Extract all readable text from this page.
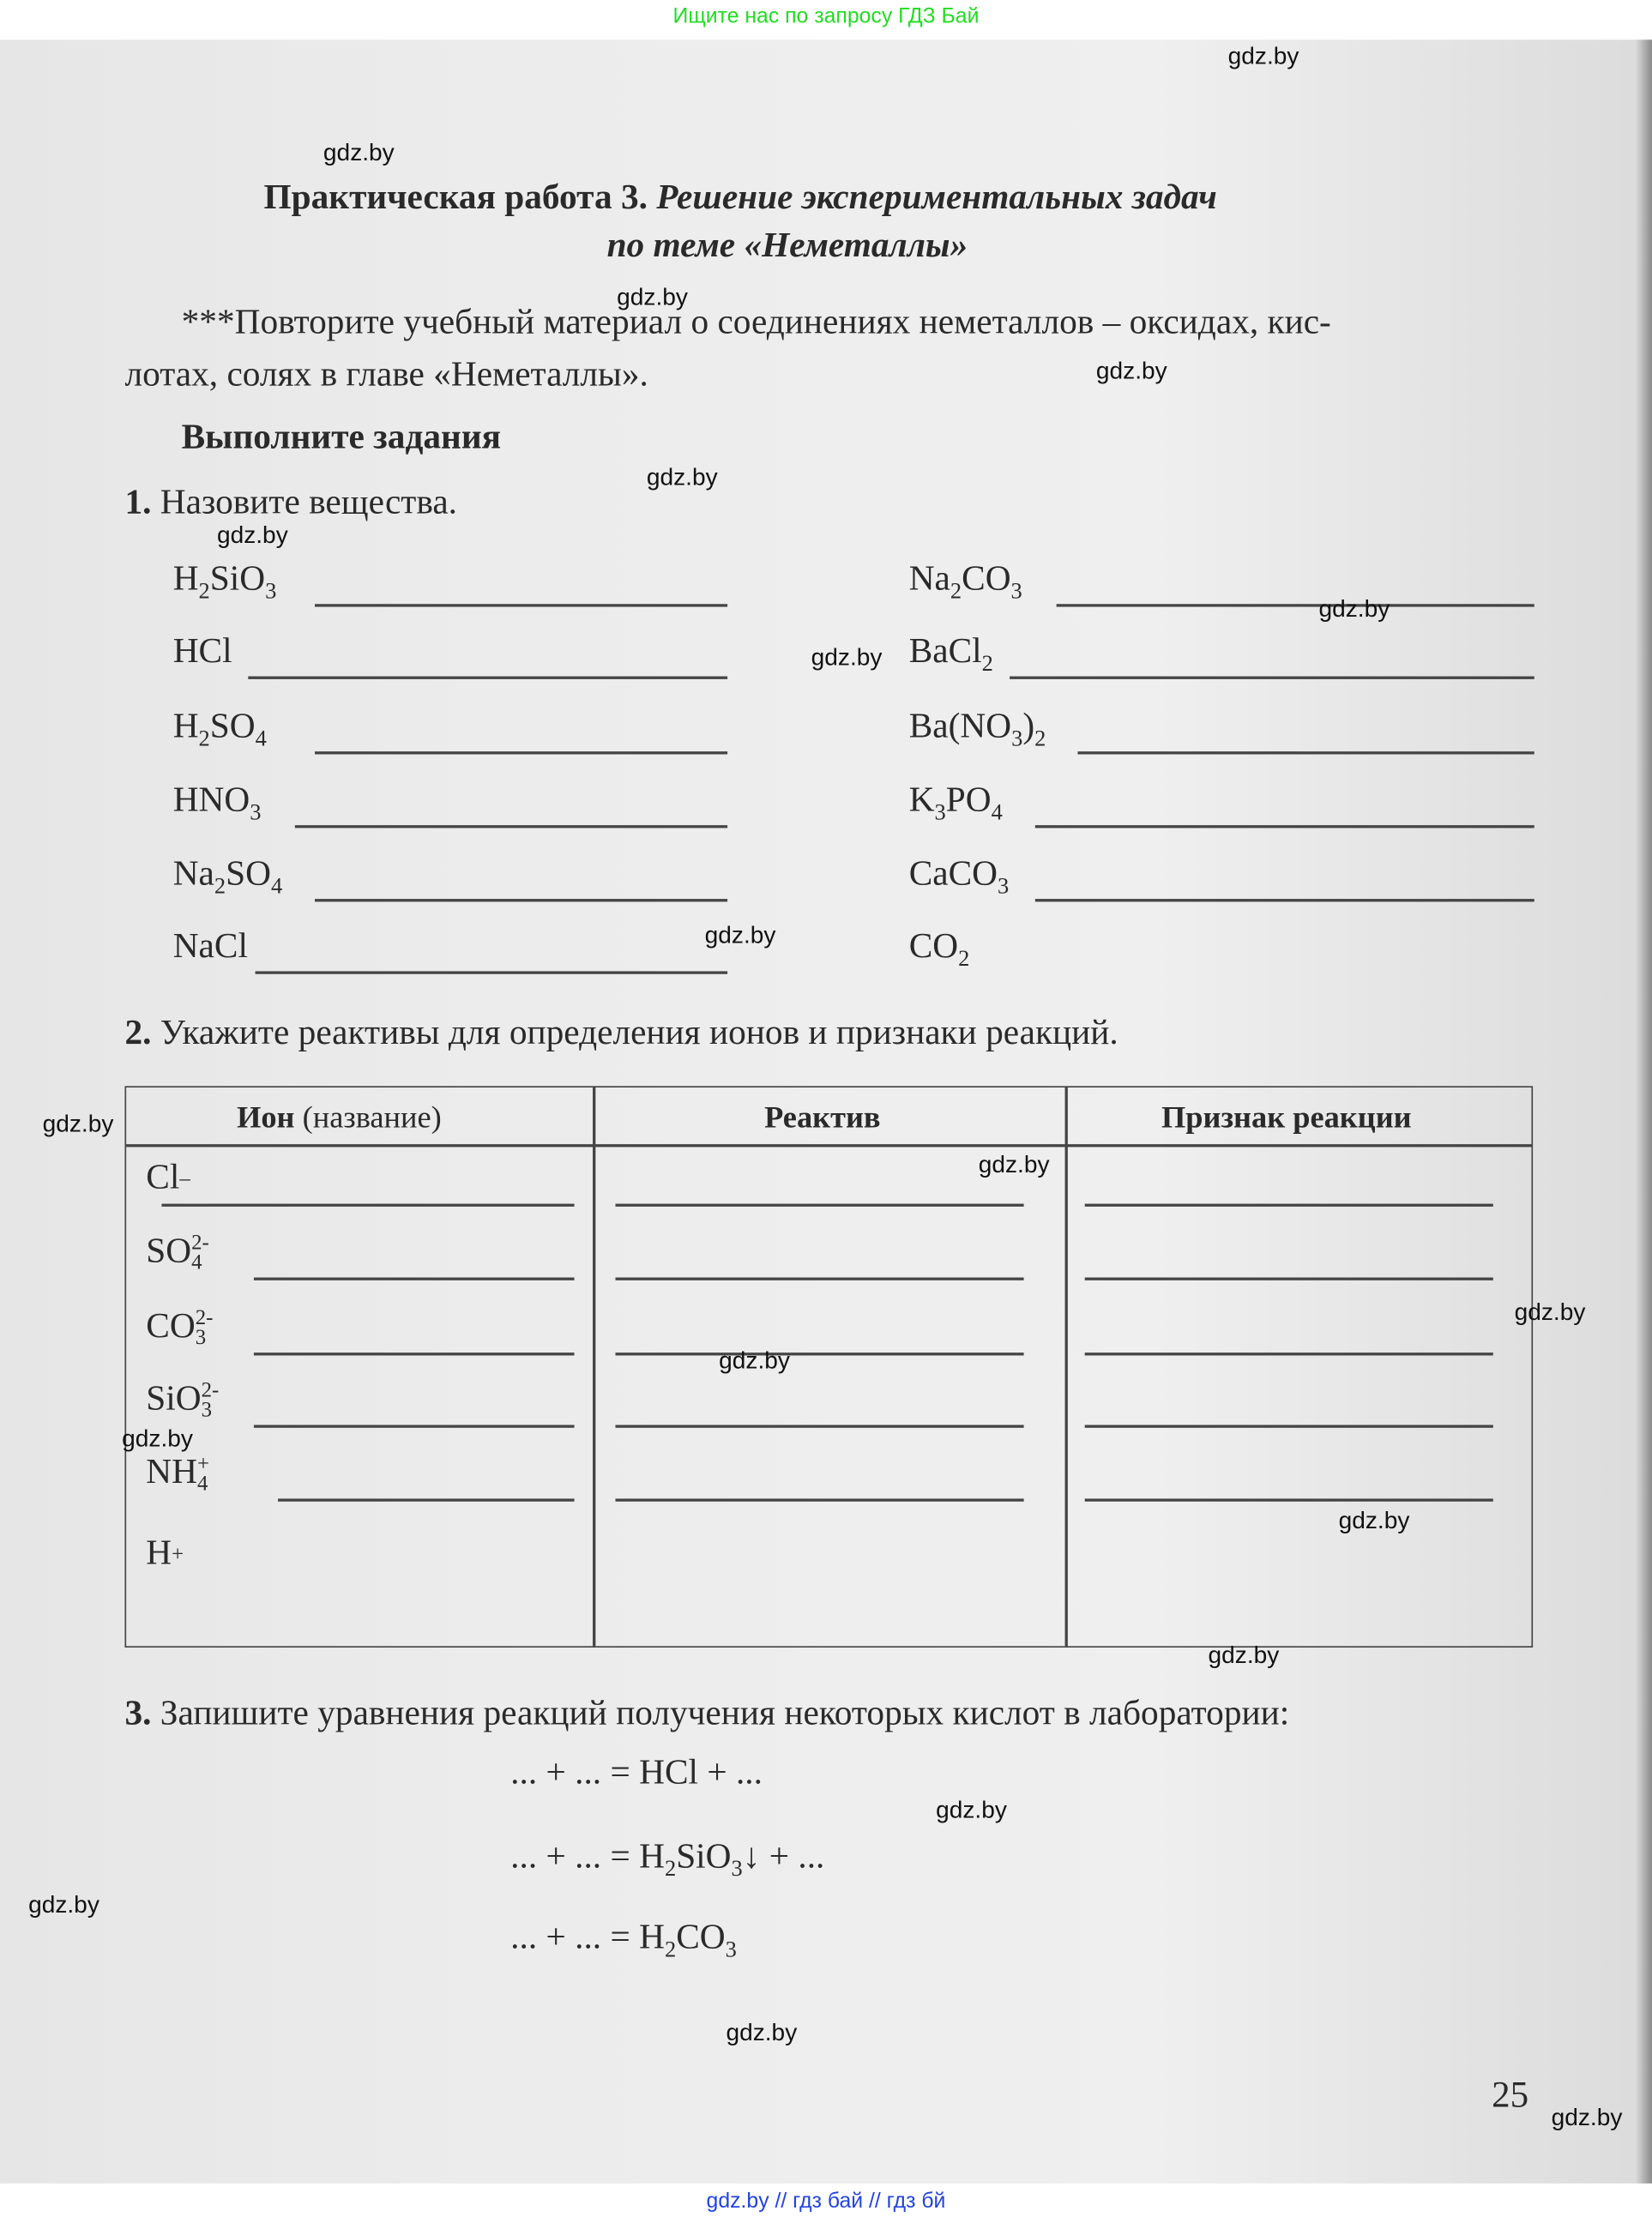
Ищите нас по запросу ГДЗ Бай
Практическая работа 3. Решение экспериментальных задач
по теме «Неметаллы»
***Повторите учебный материал о соединениях неметаллов – оксидах, кис-
лотах, солях в главе «Неметаллы».
Выполните задания
1. Назовите вещества.
$H_2SiO_3$
HCl
$H_2SO_4$
$HNO_3$
$Na_2SO_4$
NaCl
$Na_2CO_3$
BaCl$_2$
$Ba(NO_3)_2$
$K_3PO_4$
CaCO$_3$
$CO_2$
2. Укажите реактивы для определения ионов и признаки реакций.
Ион (название)	Реактив	Признак реакции
Cl –
SO 2-
4
CO 2-
3
SiO 2-
3
NH +
4
H +
3. Запишите уравнения реакций получения некоторых кислот в лаборатории:
... + ... = HCl + ...
... + ... = $H_2SiO_3↓$ + ...
... + ... = $H_2CO_3$
25
gdz.by
gdz.by
gdz.by
gdz.by
gdz.by
gdz.by
gdz.by
gdz.by
gdz.by
gdz.by
gdz.by
gdz.by
gdz.by
gdz.by
gdz.by
gdz.by
gdz.by
gdz.by
gdz.by
gdz.by
gdz.by // гдз бай // гдз бй
